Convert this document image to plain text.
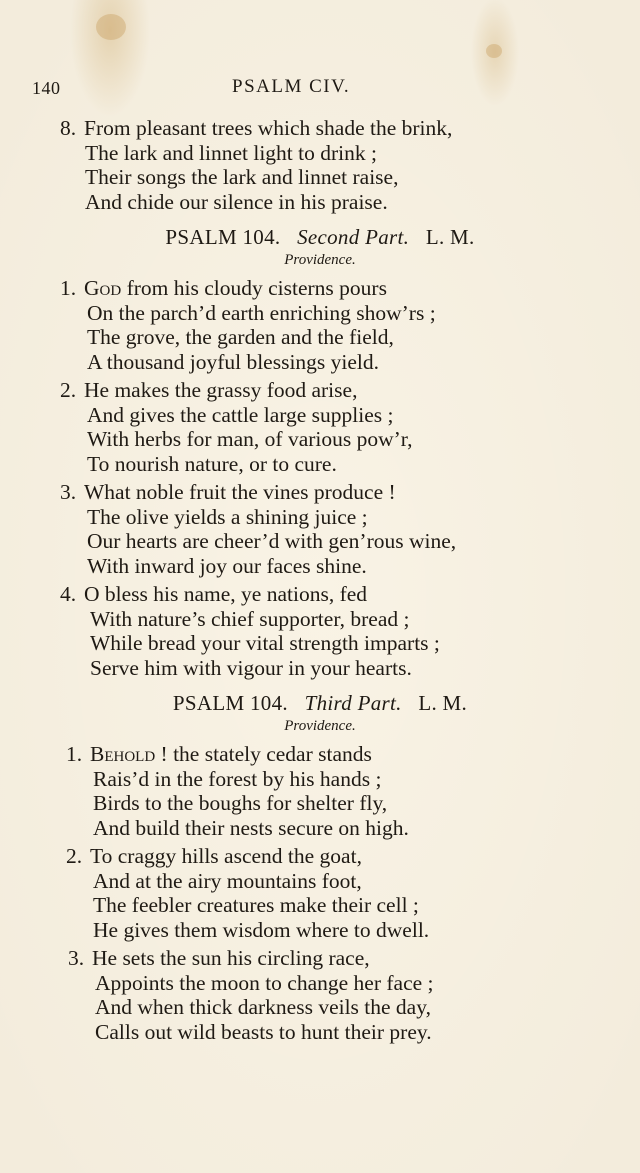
140	PSALM CIV.
8. From pleasant trees which shade the brink,
The lark and linnet light to drink ;
Their songs the lark and linnet raise,
And chide our silence in his praise.
PSALM 104. Second Part. L. M.
Providence.
1. God from his cloudy cisterns pours
On the parch’d earth enriching show’rs ;
The grove, the garden and the field,
A thousand joyful blessings yield.
2. He makes the grassy food arise,
And gives the cattle large supplies ;
With herbs for man, of various pow’r,
To nourish nature, or to cure.
3. What noble fruit the vines produce !
The olive yields a shining juice ;
Our hearts are cheer’d with gen’rous wine,
With inward joy our faces shine.
4. O bless his name, ye nations, fed
With nature’s chief supporter, bread ;
While bread your vital strength imparts ;
Serve him with vigour in your hearts.
PSALM 104. Third Part. L. M.
Providence.
1. Behold ! the stately cedar stands
Rais’d in the forest by his hands ;
Birds to the boughs for shelter fly,
And build their nests secure on high.
2. To craggy hills ascend the goat,
And at the airy mountains foot,
The feebler creatures make their cell ;
He gives them wisdom where to dwell.
3. He sets the sun his circling race,
Appoints the moon to change her face ;
And when thick darkness veils the day,
Calls out wild beasts to hunt their prey.
